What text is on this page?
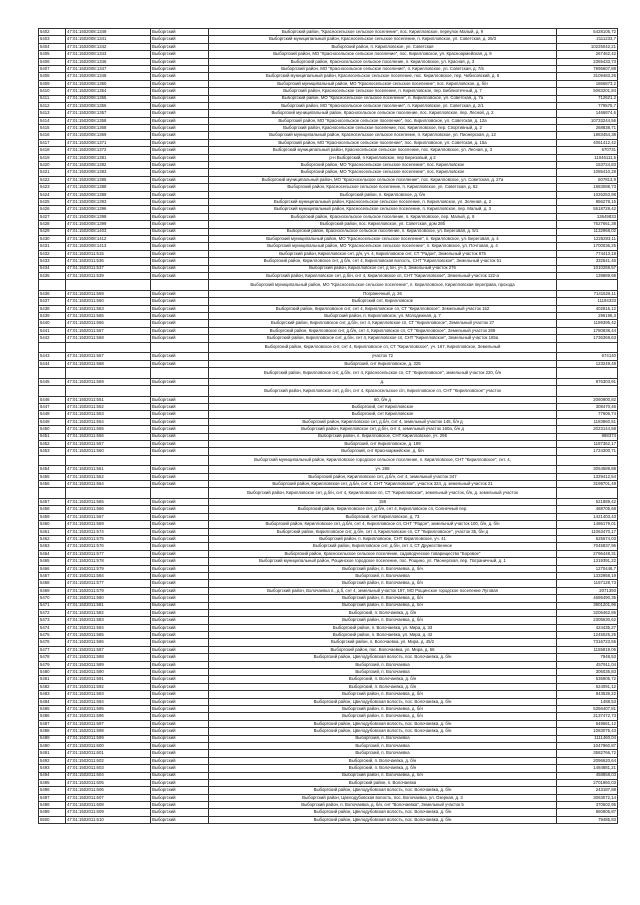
5402	47:01:1502008:1349	Выборгский	Выборгский район, "Красносельское сельское поселение", пос. Кирилловское, переулок Малый, д. 9	5428105,72
5403	47:01:1502008:1341	Выборгский	Выборгский муниципальный район, Красносельское сельское поселение, п. Кирилловское, ул. Советская, д. 25/3	2111233,7
5404	47:01:1502008:1342	Выборгский	Выборгский район, п. Кирилловское, ул. Советская	10225042,21
5405	47:01:1502008:1343	Выборгский	Выборгский район, МО "Красносельское сельское поселение", пос. Кирилловское, ул. Красноармейская, д. 9	267462,42
5406	47:01:1502008:1346	Выборгский	Выборгский район, Красносельское сельское поселение, п. Кирилловское, ул. Красная, д. 3	2355433,73
5407	47:01:1502008:1347	Выборгский	Выборгский район, МО "Красносельское сельское поселение", п. Кирилловское, ул. Советская, д. 7/в	7995607,88
5408	47:01:1502008:1348	Выборгский	Выборгский муниципальный район, Красносельское сельское поселение, пос. Кирилловское, пер. Чибисовский, д. 8	3109483,26
5409	47:01:1502008:1350	Выборгский	Выборгский муниципальный район, МО "Красносельское сельское поселение", пос. Кирилловское, д. б/н	1866873,2
5410	47:01:1502008:1354	Выборгский	Выборгский район, Красносельское сельское поселение, п. Кирилловское, пер. Библиотечный, д. 7	5083201,84
5411	47:01:1502008:1355	Выборгский	Выборгский район, МО "Красносельское сельское поселение", п. Кирилловское, ул. Советская, д. 7а	712621,2
5412	47:01:1502008:1356	Выборгский	Выборгский район, МО "Красносельское сельское поселение", п. Кирилловское, ул. Советская, д. 2/1	779575,7
5413	47:01:1502008:1357	Выборгский	Выборгский муниципальный район, Красносельское сельское поселение, пос. Кирилловское, пер. Лесной, д. 2	1466874,6
5414	47:01:1502008:1358	Выборгский	Выборгский район, МО "Красносельское сельское поселение", пос. Кирилловское, ул. Советская, д. 12а	10733244,56
5415	47:01:1502008:1368	Выборгский	Выборгский район, Красносельское сельское поселение, пос. Кирилловское, пер. Спортивный, д. 2	268838,71
5416	47:01:1502008:1369	Выборгский	Выборгский муниципальный район, Красносельское сельское поселение, п. Кирилловское, ул. Пионерская, д. 12	1883454,38
5417	47:01:1502008:1371	Выборгский	Выборгский район, МО "Красносельское сельское поселение", пос. Кирилловское, ул. Советская, д. 15а	4061412,42
5418	47:01:1502008:1372	Выборгский	Выборгский муниципальный район, Красносельское сельское поселение, пос. Кирилловское, ул. Лесная, д. 3	670731
5419	47:01:1502008:1381	Выборгский	р-н Выборгский, п Кирилловское, пер Березовый, д 2	11046111,5
5420	47:01:1502008:1382	Выборгский	Выборгский район, МО "Красносельское сельское поселение", пос. Кирилловское	153724,83
5421	47:01:1502008:1383	Выборгский	Выборгский район, МО "Красносельское сельское поселение", пос. Кирилловское	1085410,28
5422	47:01:1502008:1385	Выборгский	Выборгский муниципальный район, МО "Красносельское сельское поселение", пос. Кирилловское, ул. Советская, д. 27а	507813,9
5423	47:01:1502008:1388	Выборгский	Выборгский район, Красносельское сельское поселение, п. Кирилловское, ул. Советская, д. 52	1883088,73
5424	47:01:1502008:1389	Выборгский	Выборгский район, п. Кирилловское, д. б/н	1026253,98
5425	47:01:1502008:1393	Выборгский	Выборгский муниципальный район, Красносельское сельское поселение, п. Кирилловское, ул. Зеленая, д. 2	856278,15
5426	47:01:1502008:1396	Выборгский	Выборгский муниципальный район, Красносельское сельское поселение, п. Кирилловское, пер. Малый, д. 3	5518728,42
5427	47:01:1502008:1398	Выборгский	Выборгский район, Красносельское сельское поселение, п. Кирилловское, пер. Малый, д. 8	13649833
5428	47:01:1502008:1399	Выборгский	Выборгский район, пос. Кирилловское, ул. Советская, дом 28б	7627661,38
5429	47:01:1502008:1403	Выборгский	Выборгский район, Красносельское сельское поселение, п. Кирилловское, ул. Береговая, д. 5/1	1132968,02
5430	47:01:1502008:1412	Выборгский	Выборгский муниципальный район, МО "Красносельское сельское поселение", п. Кирилловское, ул. Береговая, д. 4	1225283,11
5431	47:01:1502008:1413	Выборгский	Выборгский муниципальный район, МО "Красносельское сельское поселение", п. Кирилловское, ул. Почтовая, д. 4	1700036,25
5432	47:01:1502011:515	Выборгский	Выборгский район, Кирилловское снт, д/н, уч. 4, Кирилловское снт, СТ "Радон", Земельный участок 875	774413,18
5433	47:01:1502011:536	Выборгский	Выборгский район, Кирилловское снт, д б/н, снт 4, Кирилловская волость, СНТ "Кирилловское", Земельный участок 51	332541,46
5434	47:01:1502011:537	Выборгский	Выборгский район, Кирилловское снт, д б/н, уч 3, Земельный участок 276	1010259,57
5435	47:01:1502011:539	Выборгский	Выборгский район, Кирилловское снт, д.б/н, снт 4, Кирилловское сп, СНТ "Кирилловское", Земельный участок 122-а	139889,68
			Выборгский муниципальный район, МО "Красносельское сельское поселение", п. Кирилловское, Кирилловская переправа, прохода	
5436	47:01:1502011:559	Выборгский	Пограничный, д. 26	7141626,11
5437	47:01:1502011:560	Выборгский	Выборгский снт, Кирилловское	11194333
5438	47:01:1502011:563	Выборгский	Выборгский район, Кирилловское снт, снт 4, Кирилловское сп, СТ "Кирилловское", Земельный участок 152	402815,12
5439	47:01:1502011:565	Выборгский	Выборгский район, п. Кирилловское, ул. Молодежная, д. 7	296196,3
5440	47:01:1502011:566	Выборгский	Выборгский район, Кирилловское снт, д.б/н, снт 4, Кирилловское сп, СТ "Кирилловское", Земельный участок 27	1189395,42
5441	47:01:1502011:567	Выборгский	Выборгский район, Кирилловское снт, д.б/н, снт 4, Кирилловское сп, СТ "Кирилловское", Земельный участок 269	1780838,44
5442	47:01:1502011:568	Выборгский	Выборгский район, Кирилловское снт, д.б/н, снт 4, Кирилловское сп, СНТ "Кирилловское", Земельный участок 165а	1736368,63
			Выборгский район, Кирилловское снт, снт 4, Кирилловское сп, СТ "Кирилловское", уч. 167, Кирилловское, Земельный	
5443	47:01:1502011:567	Выборгский	участок 72	674140
5444	47:01:1502011:568	Выборгский	Выборгский, снт Кирилловское, д. 325	123249,48
			Выборгский район, Кирилловское снт, д.б/н, снт 4, Красносельское сп, СТ "Кирилловское", земельный участок 220, б/н	
5445	47:01:1502011:569	Выборгский	д.	876303,91
			Выборгский район, Кирилловское снт, д.б/н, снт 4, Красносельское с/п, Кирилловское сп, СНТ "Кирилловское" участок	
5446	47:01:1502011:551	Выборгский	60, б/н д	2060900,82
5447	47:01:1502011:552	Выборгский	Выборгский, снт Кирилловское	308470,46
5448	47:01:1502011:553	Выборгский	Выборгский, снт Кирилловское	77606,74
5449	47:01:1502011:554	Выборгский	Выборгский район, Кирилловское снт, д.б/н, снт 4, земельный участок 145, б/н д	1183860,51
5450	47:01:1502011:555	Выборгский	Выборгский район, Кирилловское снт, д.б/н, снт 4, земельный участок 160а, б/н д	2023144,58
5451	47:01:1502011:556	Выборгский	Выборгский район, п. Кирилловское, СНТ Кирилловское, уч. 295	988374
5452	47:01:1502011:557	Выборгский	Выборгский, снт Кирилловское, д. 189	1187362,17
5453	47:01:1502011:560	Выборгский	Выборгский, снт Красноармейское, д. б/н	1724300,71
			Выборгский муниципальный район, Кирилловское городское сельское поселение, п. Кирилловское, СНТ "Кирилловское", снт. 4,	
5454	47:01:1502011:561	Выборгский	уч. 288	3054589,88
5455	47:01:1502011:562	Выборгский	Выборгский район, Кирилловское снт, д.б/н, снт 4, земельный участок 347	1329412,54
5456	47:01:1502011:564	Выборгский	Выборгский район, Кирилловское снт, д.б/н, снт 4, СНТ "Кирилловское", участок 324, д. земельный участок 21	3199701,49
			Выборгский район, Кирилловское снт, д.б/н, снт 4, Кирилловское сп, СТ "Кирилловское", земельный участок, б/н, д. земельный участок	
5457	47:01:1502011:565	Выборгский	159	521889,42
5458	47:01:1502011:566	Выборгский	Выборгский район, Кирилловское снт, д.б/н, снт 4, Кирилловское сп, Солнечный пер.	488705,68
5459	47:01:1502011:567	Выборгский	Выборгский, снт Кирилловское, д. 73	1421403,43
5460	47:01:1502011:569	Выборгский	Выборгский район, Кирилловское снт, д.б/н, снт 4, Кирилловское сп, СНТ "Радон", земельный участок 100, б/н, д. б/н	1486179,01
5461	47:01:1502011:574	Выборгский	Выборгский район, Кирилловское снт, д.б/н, снт 4, Кирилловское сп, СТ "Кирилловское", участок 35, б/н д	11063470,17
5462	47:01:1502011:575	Выборгский	Выборгский район, п. Кирилловское, СНТ Кирилловское, уч. 41	625674,03
5463	47:01:1502011:576	Выборгский	Выборгский район, Кирилловское снт, д.б/н, снт 4, СТ Дружественное	7045837,96
5464	47:01:1502011:577	Выборгский	Выборгский район, Красносельское сельское поселение, садоводческое товарищество "Боровое"	2796448,31
5465	47:01:1502011:578	Выборгский	Выборгский муниципальный район, Рощинское городское поселение, пос. Рощино, ул. Пионерская, пер. Пограничный, д. 1	1319391,22
5466	47:01:1502011:579	Выборгский	Выборгский район, п. Волочаевка, д. б/н	1270446,7
5467	47:01:1502011:584	Выборгский	Выборгский, п. Волочаевка	1332958,19
5468	47:01:1502011:577	Выборгский	Выборгский район, п. Волочаевка, д. б/н	1167128,73
5469	47:01:1502011:579	Выборгский	Выборгский район, Волочаевка п., д.б, снт 4, земельный участок 197, МО Рощинское городское поселение Луговая	2071393
5470	47:01:1502011:580	Выборгский	Выборгский район, п. Волочаевка, д. б/н	4686490,35
5471	47:01:1502011:581	Выборгский	Выборгский район, п. Волочаевка, д. б/н	3901201,96
5472	47:01:1502011:582	Выборгский	Выборгский, п. Волочаевка, д. б/н	3206462,86
5473	47:01:1502011:583	Выборгский	Выборгский район, п. Волочаевка, д. б/н	2305630,62
5474	47:01:1502011:584	Выборгский	Выборгский район, п. Волочаевка, ул. Мира, д. 33	424435,27
5475	47:01:1502011:585	Выборгский	Выборгский район, п. Волочаевка, ул. Мира, д. 42	1245025,25
5476	47:01:1502011:586	Выборгский	Выборгский район, п. Волочаевка, ул. Мира, д. 45/2	7316723,55
5477	47:01:1502011:587	Выборгский	Выборгский район, пос. Волочаевка, ул. Мира, д. 56	1155819,06
5478	47:01:1502011:588	Выборгский	Выборгский район, Цвелодубовская волость, пос. Волочаевка, д. б/н	7948,53
5479	47:01:1502011:589	Выборгский	Выборгский, п. Волочаевка	457911,04
5480	47:01:1502011:590	Выборгский	Выборгский, п. Волочаевка	306035,83
5481	47:01:1502011:591	Выборгский	Выборгский, п. Волочаевка, д. б/н	535905,72
5482	47:01:1502011:592	Выборгский	Выборгский, п. Волочаевка, д. б/н	524091,12
5483	47:01:1502011:593	Выборгский	Выборгский район, п. Волочаевка, д. б/н	843536,22
5484	47:01:1502011:594	Выборгский	Выборгский район, Цвелодубовская волость, пос. Волочаевка, д. б/н	1488,53
5485	47:01:1502011:595	Выборгский	Выборгский район, п. Волочаевка, д. б/н	5356407,81
5486	47:01:1502011:596	Выборгский	Выборгский район, п. Волочаевка, д. б/н	2137472,73
5487	47:01:1502011:597	Выборгский	Выборгский район, Цвелодубовская волость, пос. Волочаевка, д. б/н	649561,12
5488	47:01:1502011:598	Выборгский	Выборгский район, Цвелодубовская волость, пос. Волочаевка, д. б/н	1083075,43
5489	47:01:1502011:599	Выборгский	Выборгский, п. Волочаевка	1111460,04
5490	47:01:1502011:600	Выборгский	Выборгский, п. Волочаевка	1047960,87
5491	47:01:1502011:601	Выборгский	Выборгский, п. Волочаевка	3582766,72
5492	47:01:1502011:602	Выборгский	Выборгский, п. Волочаевка, д. б/н	2096620,64
5493	47:01:1502011:603	Выборгский	Выборгский, п. Волочаевка, д. б/н	1484881,21
5494	47:01:1502011:604	Выборгский	Выборгский район, п. Волочаевка, д. б/н	458858,03
5495	47:01:1502011:605	Выборгский	Выборгский район, п. Волочаевка	2701860,03
5496	47:01:1502011:606	Выборгский	Выборгский район, Цвелодубовская волость, пос. Волочаевка, д. б/н	243187,88
5497	47:01:1502011:607	Выборгский	Выборгский район, Цвелодубовская волость, пос. Волочаевка, ул. Озерная, д. 3	3063072,14
5498	47:01:1502011:608	Выборгский	Выборгский район, п. Волочаевка, д. б/н, снт "Волочаевка", Земельный участок 5	370502,95
5499	47:01:1502011:609	Выборгский	Выборгский район, Цвелодубовская волость, пос. Волочаевка, д. б/н	860905,87
5500	47:01:1502011:610	Выборгский	Выборгский район, Цвелодубовская волость, пос. Волочаевка, д. б/н	79485,83
